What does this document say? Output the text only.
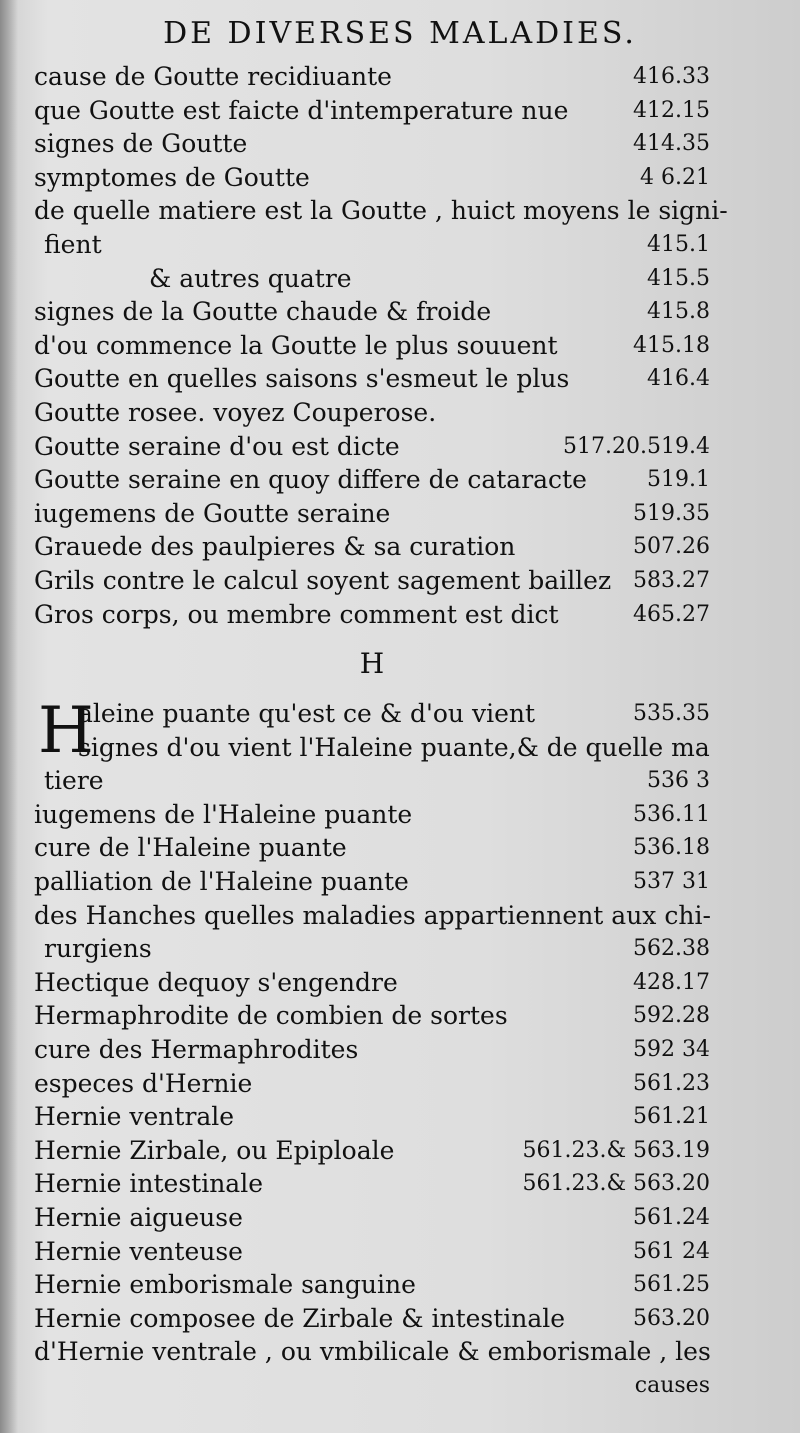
DE DIVERSES MALADIES.
cause de Goutte recidiuante	416.33
que Goutte est faicte d'intemperature nue	412.15
signes de Goutte	414.35
symptomes de Goutte	4 6.21
de quelle matiere est la Goutte , huict moyens le signi-
fient	415.1
& autres quatre	415.5
signes de la Goutte chaude & froide	415.8
d'ou commence la Goutte le plus souuent	415.18
Goutte en quelles saisons s'esmeut le plus	416.4
Goutte rosee. voyez Couperose.
Goutte seraine d'ou est dicte	517.20.519.4
Goutte seraine en quoy differe de cataracte	519.1
iugemens de Goutte seraine	519.35
Grauede des paulpieres & sa curation	507.26
Grils contre le calcul soyent sagement baillez 583.27
Gros corps, ou membre comment est dict	465.27
H
H
aleine puante qu'est ce & d'ou vient	535.35
signes d'ou vient l'Haleine puante,& de quelle ma
tiere	536 3
iugemens de l'Haleine puante	536.11
cure de l'Haleine puante	536.18
palliation de l'Haleine puante	537 31
des Hanches quelles maladies appartiennent aux chi-
rurgiens	562.38
Hectique dequoy s'engendre	428.17
Hermaphrodite de combien de sortes	592.28
cure des Hermaphrodites	592 34
especes d'Hernie	561.23
Hernie ventrale	561.21
Hernie Zirbale, ou Epiploale	561.23.& 563.19
Hernie intestinale	561.23.& 563.20
Hernie aigueuse	561.24
Hernie venteuse	561 24
Hernie emborismale sanguine	561.25
Hernie composee de Zirbale & intestinale	563.20
d'Hernie ventrale , ou vmbilicale & emborismale , les
causes
